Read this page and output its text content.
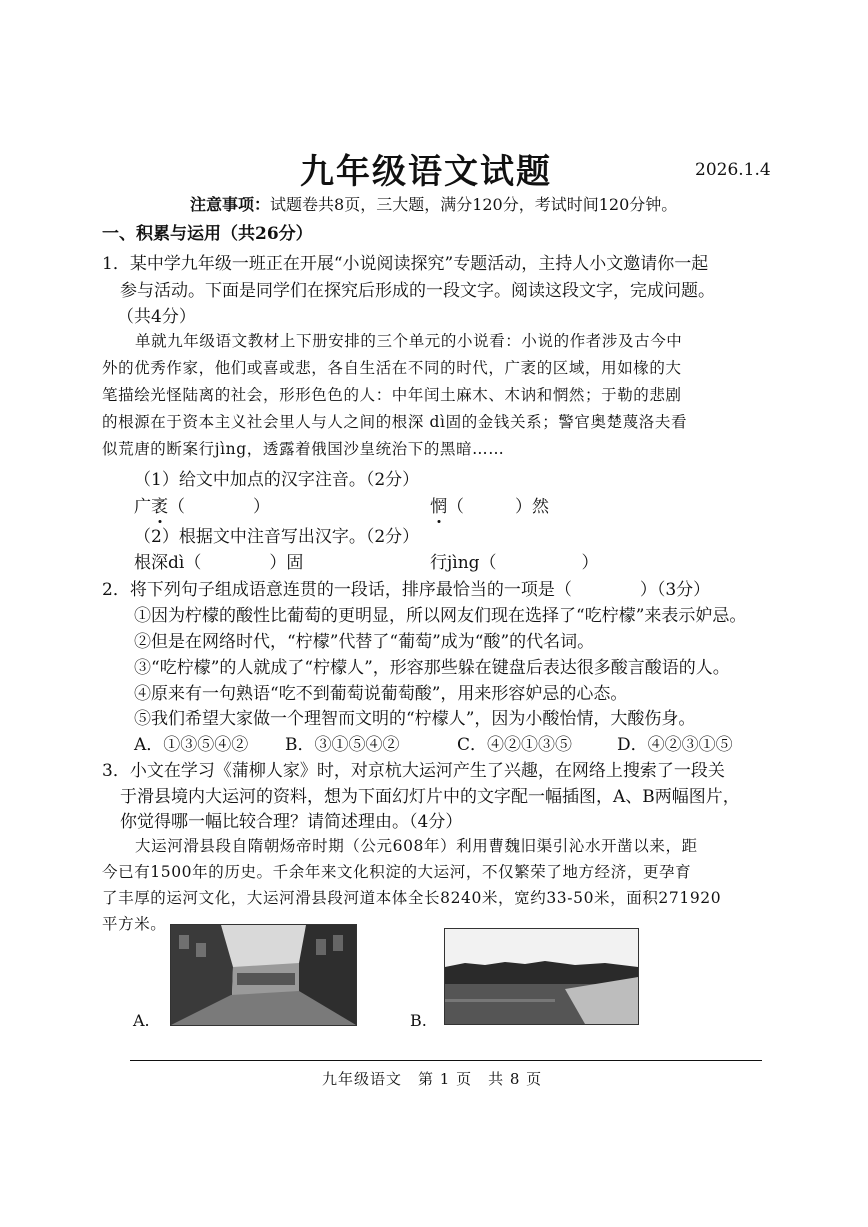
九年级语文试题	2026.1.4
注意事项：试题卷共8页，三大题，满分120分，考试时间120分钟。
一、积累与运用（共26分）
1．某中学九年级一班正在开展“小说阅读探究”专题活动，主持人小文邀请你一起
参与活动。下面是同学们在探究后形成的一段文字。阅读这段文字，完成问题。
（共4分）
单就九年级语文教材上下册安排的三个单元的小说看：小说的作者涉及古今中
外的优秀作家，他们或喜或悲，各自生活在不同的时代，广袤的区域，用如椽的大
笔描绘光怪陆离的社会，形形色色的人：中年闰土麻木、木讷和惘然；于勒的悲剧
的根源在于资本主义社会里人与人之间的根深 dì固的金钱关系；警官奥楚蔑洛夫看
似荒唐的断案行jìng，透露着俄国沙皇统治下的黑暗……
（1）给文中加点的汉字注音。（2分）
广袤（　　　　）	惘（　　　）然
（2）根据文中注音写出汉字。（2分）
根深dì（　　　　）固	行jìng（　　　　　）
2．将下列句子组成语意连贯的一段话，排序最恰当的一项是（　　　　）（3分）
①因为柠檬的酸性比葡萄的更明显，所以网友们现在选择了“吃柠檬”来表示妒忌。
②但是在网络时代，“柠檬”代替了“葡萄”成为“酸”的代名词。
③“吃柠檬”的人就成了“柠檬人”，形容那些躲在键盘后表达很多酸言酸语的人。
④原来有一句熟语“吃不到葡萄说葡萄酸”，用来形容妒忌的心态。
⑤我们希望大家做一个理智而文明的“柠檬人”，因为小酸怡情，大酸伤身。
A．①③⑤④② B．③①⑤④②	C．④②①③⑤	D．④②③①⑤
3．小文在学习《蒲柳人家》时，对京杭大运河产生了兴趣，在网络上搜索了一段关
于滑县境内大运河的资料，想为下面幻灯片中的文字配一幅插图，A、B两幅图片，
你觉得哪一幅比较合理？请简述理由。（4分）
大运河滑县段自隋朝炀帝时期（公元608年）利用曹魏旧渠引沁水开凿以来，距
今已有1500年的历史。千余年来文化积淀的大运河，不仅繁荣了地方经济，更孕育
了丰厚的运河文化，大运河滑县段河道本体全长8240米，宽约33-50米，面积271920
平方米。
A.	B.
九年级语文　第 1 页　共 8 页
